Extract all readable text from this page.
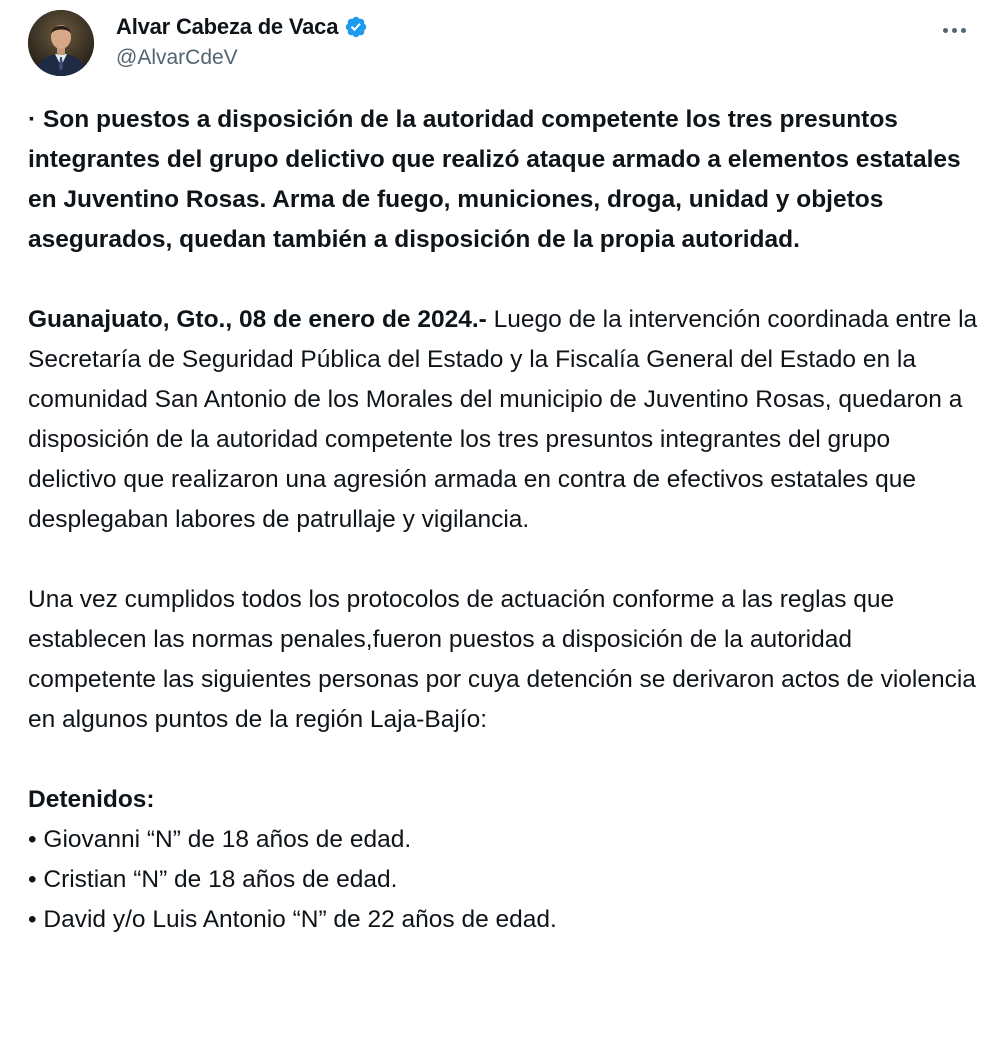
Alvar Cabeza de Vaca
@AlvarCdeV

· Son puestos a disposición de la autoridad competente los tres presuntos integrantes del grupo delictivo que realizó ataque armado a elementos estatales en Juventino Rosas. Arma de fuego, municiones, droga, unidad y objetos asegurados, quedan también a disposición de la propia autoridad.

Guanajuato, Gto., 08 de enero de 2024.- Luego de la intervención coordinada entre la Secretaría de Seguridad Pública del Estado y la Fiscalía General del Estado en la comunidad San Antonio de los Morales del municipio de Juventino Rosas, quedaron a disposición de la autoridad competente los tres presuntos integrantes del grupo delictivo que realizaron una agresión armada en contra de efectivos estatales que desplegaban labores de patrullaje y vigilancia.

Una vez cumplidos todos los protocolos de actuación conforme a las reglas que establecen las normas penales,fueron puestos a disposición de la autoridad competente las siguientes personas por cuya detención se derivaron actos de violencia en algunos puntos de la región Laja-Bajío:

Detenidos:

• Giovanni “N” de 18 años de edad.
• Cristian “N” de 18 años de edad.
• David y/o Luis Antonio “N” de 22 años de edad.
